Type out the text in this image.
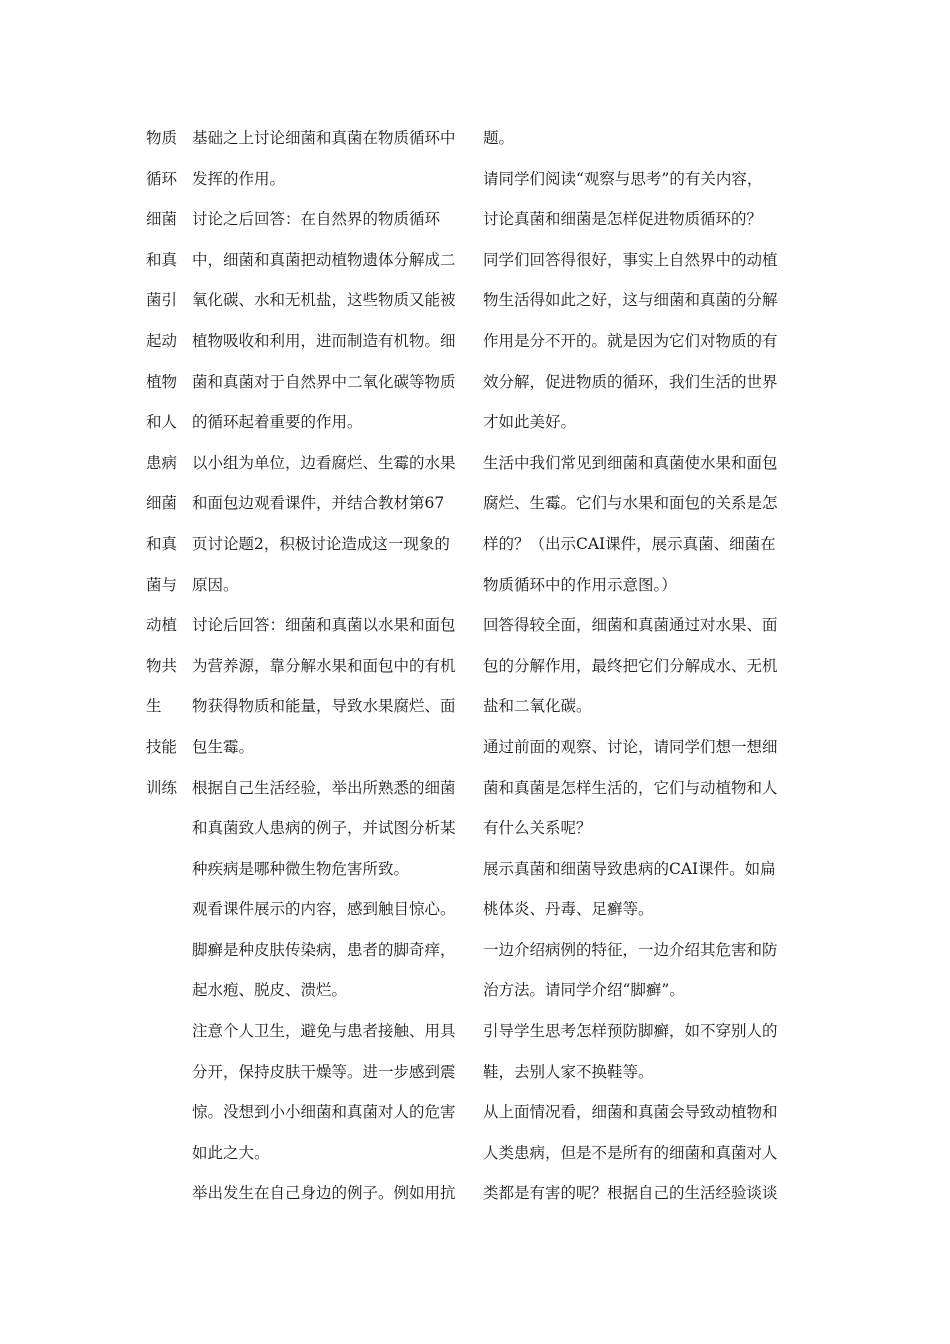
物质
循环
细菌
和真
菌引
起动
植物
和人
患病
细菌
和真
菌与
动植
物共
生
技能
训练
基础之上讨论细菌和真菌在物质循环中
发挥的作用。
讨论之后回答：在自然界的物质循环
中，细菌和真菌把动植物遗体分解成二
氧化碳、水和无机盐，这些物质又能被
植物吸收和利用，进而制造有机物。细
菌和真菌对于自然界中二氧化碳等物质
的循环起着重要的作用。
以小组为单位，边看腐烂、生霉的水果
和面包边观看课件，并结合教材第67
页讨论题2，积极讨论造成这一现象的
原因。
讨论后回答：细菌和真菌以水果和面包
为营养源，靠分解水果和面包中的有机
物获得物质和能量，导致水果腐烂、面
包生霉。
根据自己生活经验，举出所熟悉的细菌
和真菌致人患病的例子，并试图分析某
种疾病是哪种微生物危害所致。
观看课件展示的内容，感到触目惊心。
脚癣是种皮肤传染病，患者的脚奇痒，
起水疱、脱皮、溃烂。
注意个人卫生，避免与患者接触、用具
分开，保持皮肤干燥等。进一步感到震
惊。没想到小小细菌和真菌对人的危害
如此之大。
举出发生在自己身边的例子。例如用抗
题。
请同学们阅读“观察与思考”的有关内容，
讨论真菌和细菌是怎样促进物质循环的？
同学们回答得很好，事实上自然界中的动植
物生活得如此之好，这与细菌和真菌的分解
作用是分不开的。就是因为它们对物质的有
效分解，促进物质的循环，我们生活的世界
才如此美好。
生活中我们常见到细菌和真菌使水果和面包
腐烂、生霉。它们与水果和面包的关系是怎
样的？（出示CAI课件，展示真菌、细菌在
物质循环中的作用示意图。）
回答得较全面，细菌和真菌通过对水果、面
包的分解作用，最终把它们分解成水、无机
盐和二氧化碳。
通过前面的观察、讨论，请同学们想一想细
菌和真菌是怎样生活的，它们与动植物和人
有什么关系呢？
展示真菌和细菌导致患病的CAI课件。如扁
桃体炎、丹毒、足癣等。
一边介绍病例的特征，一边介绍其危害和防
治方法。请同学介绍“脚癣”。
引导学生思考怎样预防脚癣，如不穿别人的
鞋，去别人家不换鞋等。
从上面情况看，细菌和真菌会导致动植物和
人类患病，但是不是所有的细菌和真菌对人
类都是有害的呢？根据自己的生活经验谈谈
